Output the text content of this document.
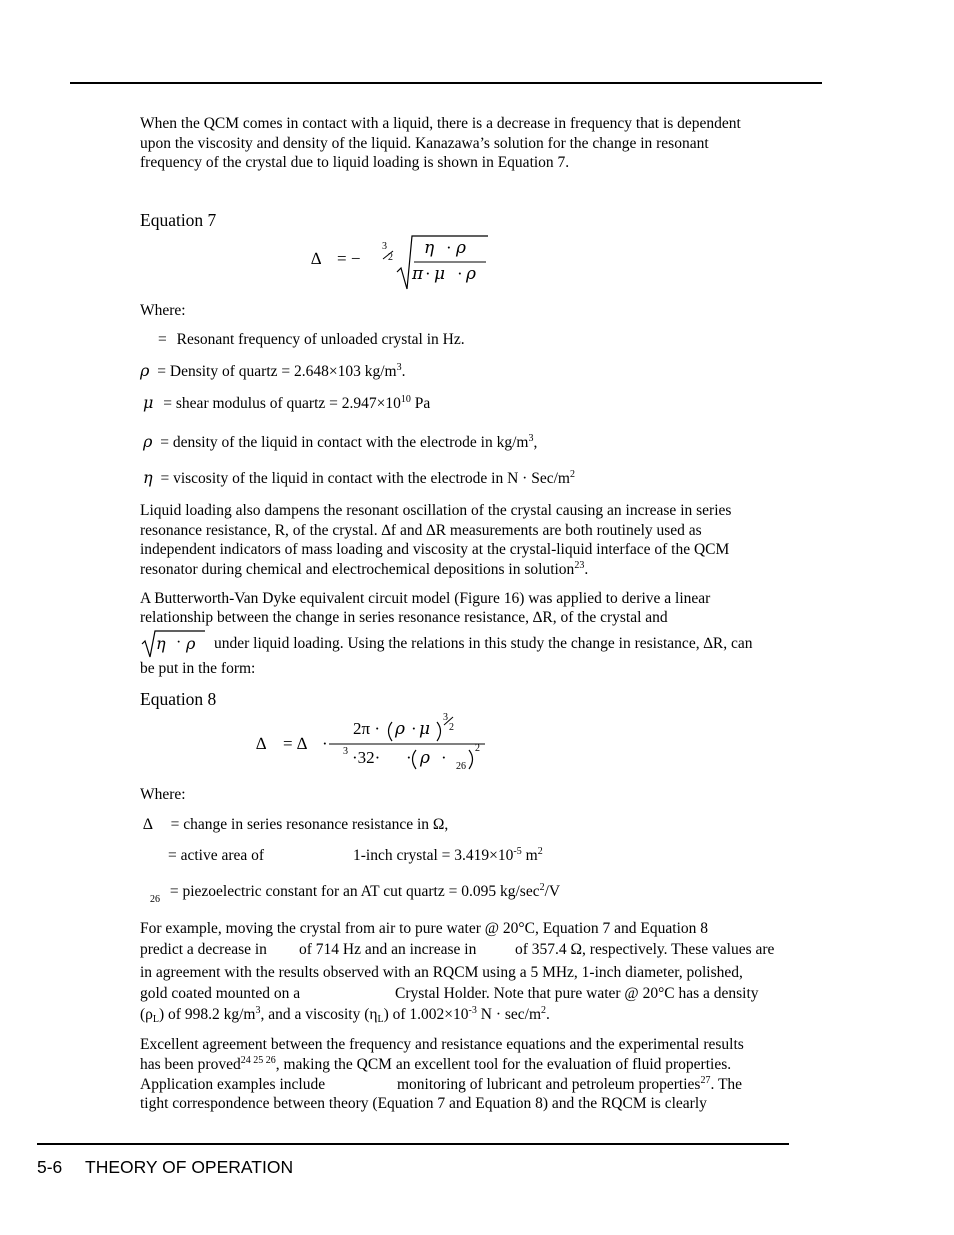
When the QCM comes in contact with a liquid, there is a decrease in frequency that is dependent
upon the viscosity and density of the liquid. Kanazawa’s solution for the change in resonant
frequency of the crystal due to liquid loading is shown in Equation 7.
Equation 7
∆ = −
3
2 η · ρ
π · μ · ρ
Where:
= Resonant frequency of unloaded crystal in Hz.
ρ = Density of quartz = 2.648×103 $kg/m^3$.
μ = shear modulus of quartz = $2.947\times 10^{10}$ Pa
ρ = density of the liquid in contact with the electrode in $kg/m^3$,
η = viscosity of the liquid in contact with the electrode in N · Sec/$m^2$
Liquid loading also dampens the resonant oscillation of the crystal causing an increase in series
resonance resistance, R, of the crystal. ∆f and ∆R measurements are both routinely used as
independent indicators of mass loading and viscosity at the crystal-liquid interface of the QCM
resonator during chemical and electrochemical depositions in solution$^{23}$.
A Butterworth-Van Dyke equivalent circuit model (Figure 16) was applied to derive a linear
relationship between the change in series resonance resistance, ∆R, of the crystal and
η · ρ under liquid loading. Using the relations in this study the change in resistance, ∆R, can
be put in the form:
Equation 8
∆ = ∆ ·
2π · ρ · μ
3
2
3 ·32· · ρ · 26
2
Where:
∆ = change in series resonance resistance in Ω,
= active area of	1-inch crystal = $3.419\times 10^{-5}$ $m^2$
$_{26}$ = piezoelectric constant for an AT cut quartz = 0.095 $kg/\sec^2/V$
For example, moving the crystal from air to pure water @ 20°C, Equation 7 and Equation 8
predict a decrease in of 714 Hz and an increase in of 357.4 Ω, respectively. These values are
in agreement with the results observed with an RQCM using a 5 MHz, 1-inch diameter, polished,
gold coated mounted on a	Crystal Holder. Note that pure water @ 20°C has a density
$(\rho_L)$ of 998.2 $kg/m^3$, and a viscosity $(\eta_L)$ of $1.002\times 10^{-3}$ $N \cdot \sec/m^2$.
Excellent agreement between the frequency and resistance equations and the experimental results
has been proved$^{24 25 26}$, making the QCM an excellent tool for the evaluation of fluid properties.
Application examples include	monitoring of lubricant and petroleum properties$^{27}$. The
tight correspondence between theory (Equation 7 and Equation 8) and the RQCM is clearly
5-6 THEORY OF OPERATION
